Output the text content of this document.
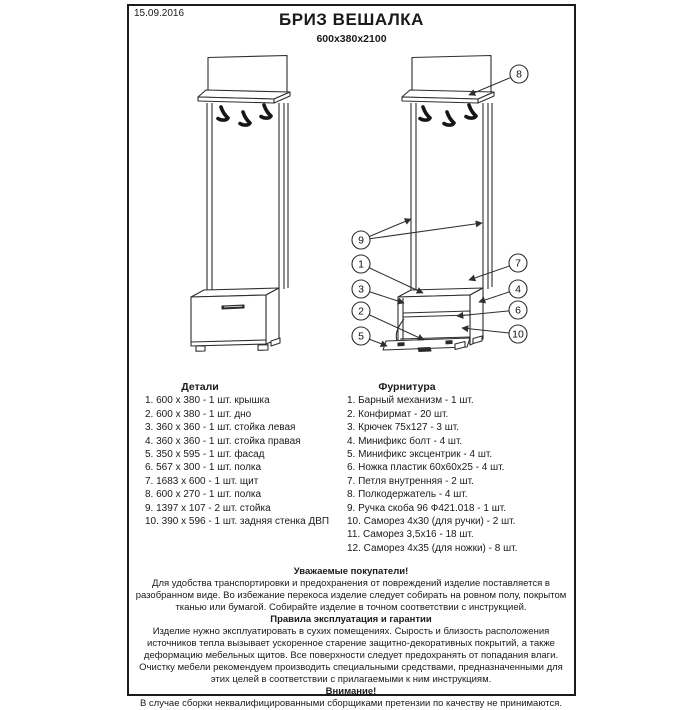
15.09.2016	БРИЗ ВЕШАЛКА
600х380х2100
8
9
1	7
3	4
2	6
5	10
Детали
1. 600 х 380 - 1 шт. крышка
2. 600 х 380 - 1 шт. дно
3. 360 х 360 - 1 шт. стойка левая
4. 360 х 360 - 1 шт. стойка правая
5. 350 х 595 - 1 шт. фасад
6. 567 х 300 - 1 шт. полка
7. 1683 х 600 - 1 шт. щит
8. 600 х 270 - 1 шт. полка
9. 1397 х 107 - 2 шт. стойка
10. 390 х 596 - 1 шт. задняя стенка ДВП
Фурнитура
1. Барный механизм - 1 шт.
2. Конфирмат - 20 шт.
3. Крючек 75х127 - 3 шт.
4. Минификс болт - 4 шт.
5. Минификс эксцентрик - 4 шт.
6. Ножка пластик 60х60х25 - 4 шт.
7. Петля внутренняя - 2 шт.
8. Полкодержатель - 4 шт.
9. Ручка скоба 96 Ф421.018 - 1 шт.
10. Саморез 4х30 (для ручки) - 2 шт.
11. Саморез 3,5х16 - 18 шт.
12. Саморез 4х35 (для ножки) - 8 шт.

Уважаемые покупатели!

Для удобства транспортировки и предохранения от повреждений изделие поставляется в разобранном виде. Во избежание перекоса изделие следует собирать на ровном полу, покрытом тканью или бумагой. Собирайте изделие в точном соответствии с инструкцией.

Правила эксплуатация и гарантии

Изделие нужно эксплуатировать в сухих помещениях. Сырость и близость расположения источников тепла вызывает ускоренное старение защитно-декоративных покрытий, а также деформацию мебельных щитов. Все поверхности следует предохранять от попадания влаги. Очистку мебели рекомендуем производить специальными средствами, предназначенными для этих целей в соответствии с прилагаемыми к ним инструкциям.

Внимание!

В случае сборки неквалифицированными сборщиками претензии по качеству не принимаются.
